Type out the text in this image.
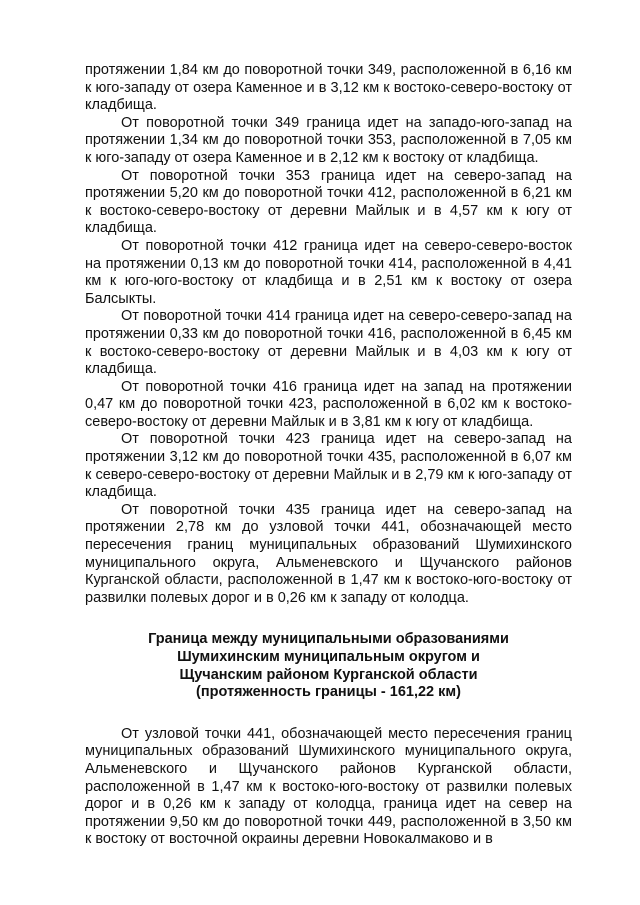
протяжении 1,84 км до поворотной точки 349, расположенной в 6,16 км к юго-западу от озера Каменное и в 3,12 км к востоко-северо-востоку от кладбища.

От поворотной точки 349 граница идет на западо-юго-запад на протяжении 1,34 км до поворотной точки 353, расположенной в 7,05 км к юго-западу от озера Каменное и в 2,12 км к востоку от кладбища.

От поворотной точки 353 граница идет на северо-запад на протяжении 5,20 км до поворотной точки 412, расположенной в 6,21 км к востоко-северо-востоку от деревни Майлык и в 4,57 км к югу от кладбища.

От поворотной точки 412 граница идет на северо-северо-восток на протяжении 0,13 км до поворотной точки 414, расположенной в 4,41 км к юго-юго-востоку от кладбища и в 2,51 км к востоку от озера Балсыкты.

От поворотной точки 414 граница идет на северо-северо-запад на протяжении 0,33 км до поворотной точки 416, расположенной в 6,45 км к востоко-северо-востоку от деревни Майлык и в 4,03 км к югу от кладбища.

От поворотной точки 416 граница идет на запад на протяжении 0,47 км до поворотной точки 423, расположенной в 6,02 км к востоко-северо-востоку от деревни Майлык и в 3,81 км к югу от кладбища.

От поворотной точки 423 граница идет на северо-запад на протяжении 3,12 км до поворотной точки 435, расположенной в 6,07 км к северо-северо-востоку от деревни Майлык и в 2,79 км к юго-западу от кладбища.

От поворотной точки 435 граница идет на северо-запад на протяжении 2,78 км до узловой точки 441, обозначающей место пересечения границ муниципальных образований Шумихинского муниципального округа, Альменевского и Щучанского районов Курганской области, расположенной в 1,47 км к востоко-юго-востоку от развилки полевых дорог и в 0,26 км к западу от колодца.

Граница между муниципальными образованиями
Шумихинским муниципальным округом и
Щучанским районом Курганской области
(протяженность границы - 161,22 км)

От узловой точки 441, обозначающей место пересечения границ муниципальных образований Шумихинского муниципального округа, Альменевского и Щучанского районов Курганской области, расположенной в 1,47 км к востоко-юго-востоку от развилки полевых дорог и в 0,26 км к западу от колодца, граница идет на север на протяжении 9,50 км до поворотной точки 449, расположенной в 3,50 км к востоку от восточной окраины деревни Новокалмаково и в
